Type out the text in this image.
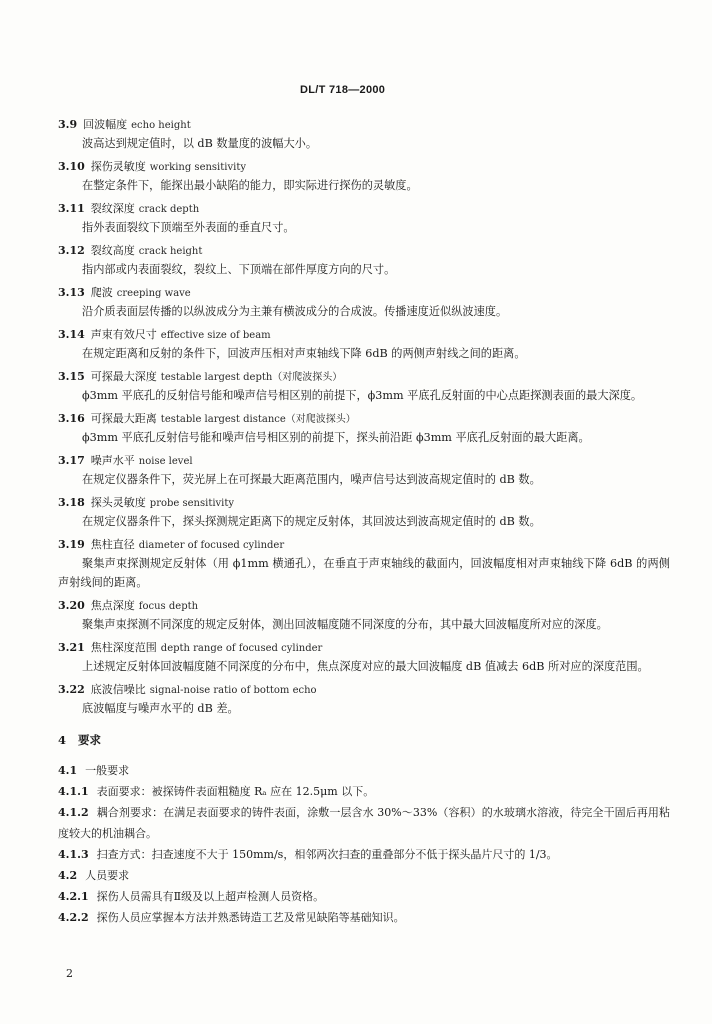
DL/T 718—2000
3.9 回波幅度 echo height
波高达到规定值时，以 dB 数量度的波幅大小。
3.10 探伤灵敏度 working sensitivity
在整定条件下，能探出最小缺陷的能力，即实际进行探伤的灵敏度。
3.11 裂纹深度 crack depth
指外表面裂纹下顶端至外表面的垂直尺寸。
3.12 裂纹高度 crack height
指内部或内表面裂纹，裂纹上、下顶端在部件厚度方向的尺寸。
3.13 爬波 creeping wave
沿介质表面层传播的以纵波成分为主兼有横波成分的合成波。传播速度近似纵波速度。
3.14 声束有效尺寸 effective size of beam
在规定距离和反射的条件下，回波声压相对声束轴线下降 6dB 的两侧声射线之间的距离。
3.15 可探最大深度 testable largest depth（对爬波探头）
ϕ3mm 平底孔的反射信号能和噪声信号相区别的前提下，ϕ3mm 平底孔反射面的中心点距探测表面的最大深度。
3.16 可探最大距离 testable largest distance（对爬波探头）
ϕ3mm 平底孔反射信号能和噪声信号相区别的前提下，探头前沿距 ϕ3mm 平底孔反射面的最大距离。
3.17 噪声水平 noise level
在规定仪器条件下，荧光屏上在可探最大距离范围内，噪声信号达到波高规定值时的 dB 数。
3.18 探头灵敏度 probe sensitivity
在规定仪器条件下，探头探测规定距离下的规定反射体，其回波达到波高规定值时的 dB 数。
3.19 焦柱直径 diameter of focused cylinder
聚集声束探测规定反射体（用 ϕ1mm 横通孔），在垂直于声束轴线的截面内，回波幅度相对声束轴线下降 6dB 的两侧声射线间的距离。
3.20 焦点深度 focus depth
聚集声束探测不同深度的规定反射体，测出回波幅度随不同深度的分布，其中最大回波幅度所对应的深度。
3.21 焦柱深度范围 depth range of focused cylinder
上述规定反射体回波幅度随不同深度的分布中，焦点深度对应的最大回波幅度 dB 值减去 6dB 所对应的深度范围。
3.22 底波信噪比 signal-noise ratio of bottom echo
底波幅度与噪声水平的 dB 差。
4 要求
4.1 一般要求
4.1.1 表面要求：被探铸件表面粗糙度 Rₐ 应在 12.5μm 以下。
4.1.2 耦合剂要求：在满足表面要求的铸件表面，涂敷一层含水 30%～33%（容积）的水玻璃水溶液，待完全干固后再用粘度较大的机油耦合。
4.1.3 扫查方式：扫查速度不大于 150mm/s，相邻两次扫查的重叠部分不低于探头晶片尺寸的 1/3。
4.2 人员要求
4.2.1 探伤人员需具有Ⅱ级及以上超声检测人员资格。
4.2.2 探伤人员应掌握本方法并熟悉铸造工艺及常见缺陷等基础知识。
2
